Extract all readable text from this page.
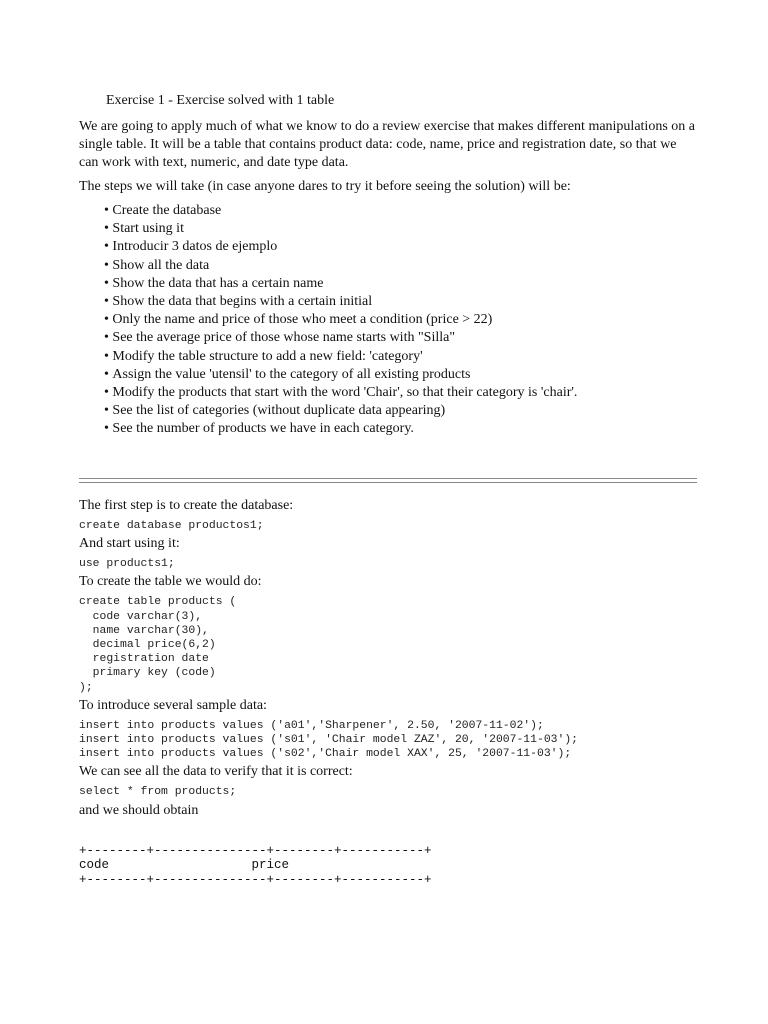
Exercise 1 - Exercise solved with 1 table

We are going to apply much of what we know to do a review exercise that makes different manipulations on a single table. It will be a table that contains product data: code, name, price and registration date, so that we can work with text, numeric, and date type data.

The steps we will take (in case anyone dares to try it before seeing the solution) will be:

• Create the database
• Start using it
• Introducir 3 datos de ejemplo
• Show all the data
• Show the data that has a certain name
• Show the data that begins with a certain initial
• Only the name and price of those who meet a condition (price > 22)
• See the average price of those whose name starts with "Silla"
• Modify the table structure to add a new field: 'category'
• Assign the value 'utensil' to the category of all existing products
• Modify the products that start with the word 'Chair', so that their category is 'chair'.
• See the list of categories (without duplicate data appearing)
• See the number of products we have in each category.

The first step is to create the database:

create database productos1;

And start using it:

use products1;

To create the table we would do:

create table products (
code varchar(3),
name varchar(30),
decimal price(6,2)
registration date
primary key (code)
);

To introduce several sample data:

insert into products values ('a01','Sharpener', 2.50, '2007-11-02');
insert into products values ('s01', 'Chair model ZAZ', 20, '2007-11-03');
insert into products values ('s02','Chair model XAX', 25, '2007-11-03');

We can see all the data to verify that it is correct:

select * from products;

and we should obtain

+--------+---------------+--------+-----------+
code                   price
+--------+---------------+--------+-----------+
